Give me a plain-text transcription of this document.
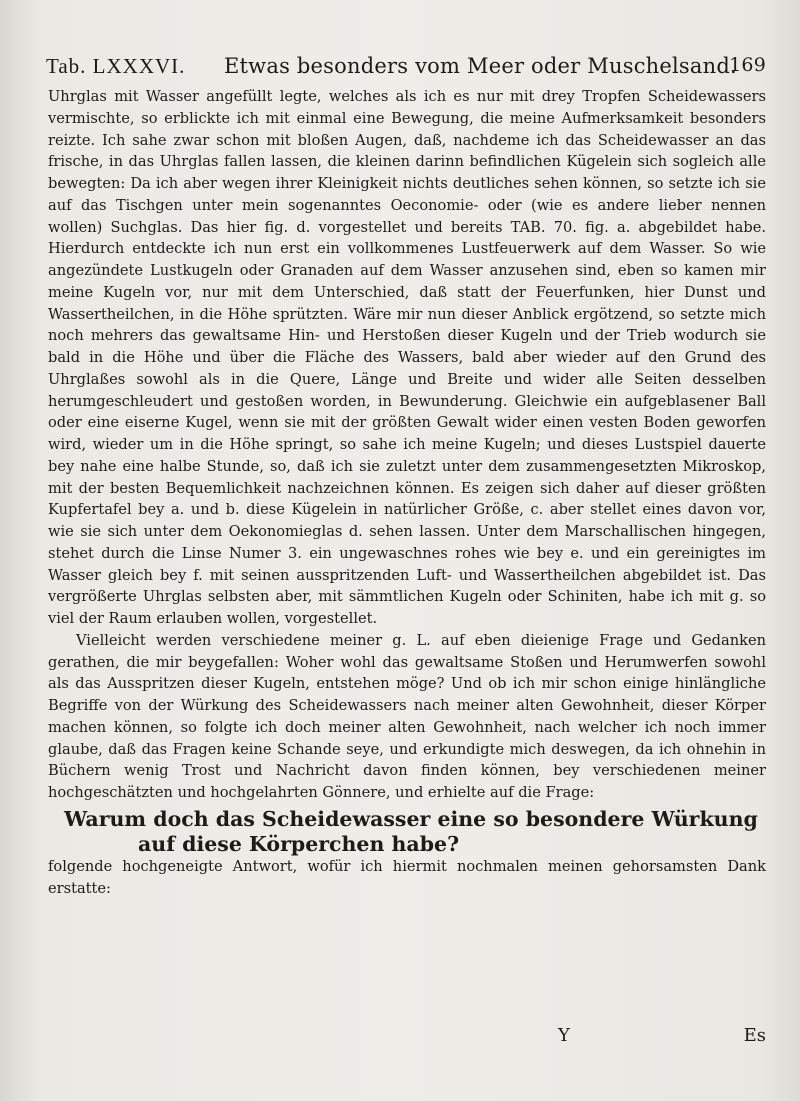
Tab. LXXXVI. Etwas besonders vom Meer oder Muschelsand.
169

Uhrglas mit Wasser angefüllt legte, welches als ich es nur mit drey Tropfen Scheidewassers vermischte, so erblickte ich mit einmal eine Bewegung, die meine Aufmerksamkeit besonders reizte. Ich sahe zwar schon mit bloßen Augen, daß, nachdeme ich das Scheidewasser an das frische, in das Uhrglas fallen lassen, die kleinen darinn befindlichen Kügelein sich sogleich alle bewegten: Da ich aber wegen ihrer Kleinigkeit nichts deutliches sehen können, so setzte ich sie auf das Tischgen unter mein sogenanntes Oeconomie- oder (wie es andere lieber nennen wollen) Suchglas. Das hier fig. d. vorgestellet und bereits TAB. 70. fig. a. abgebildet habe. Hierdurch entdeckte ich nun erst ein vollkommenes Lustfeuerwerk auf dem Wasser. So wie angezündete Lustkugeln oder Granaden auf dem Wasser anzusehen sind, eben so kamen mir meine Kugeln vor, nur mit dem Unterschied, daß statt der Feuerfunken, hier Dunst und Wassertheilchen, in die Höhe sprützten. Wäre mir nun dieser Anblick ergötzend, so setzte mich noch mehrers das gewaltsame Hin- und Herstoßen dieser Kugeln und der Trieb wodurch sie bald in die Höhe und über die Fläche des Wassers, bald aber wieder auf den Grund des Uhrglaßes sowohl als in die Quere, Länge und Breite und wider alle Seiten desselben herumgeschleudert und gestoßen worden, in Bewunderung. Gleichwie ein aufgeblasener Ball oder eine eiserne Kugel, wenn sie mit der größten Gewalt wider einen vesten Boden geworfen wird, wieder um in die Höhe springt, so sahe ich meine Kugeln; und dieses Lustspiel dauerte bey nahe eine halbe Stunde, so, daß ich sie zuletzt unter dem zusammengesetzten Mikroskop, mit der besten Bequemlichkeit nachzeichnen können. Es zeigen sich daher auf dieser größten Kupfertafel bey a. und b. diese Kügelein in natürlicher Größe, c. aber stellet eines davon vor, wie sie sich unter dem Oekonomieglas d. sehen lassen. Unter dem Marschallischen hingegen, stehet durch die Linse Numer 3. ein ungewaschnes rohes wie bey e. und ein gereinigtes im Wasser gleich bey f. mit seinen ausspritzenden Luft- und Wassertheilchen abgebildet ist. Das vergrößerte Uhrglas selbsten aber, mit sämmtlichen Kugeln oder Schiniten, habe ich mit g. so viel der Raum erlauben wollen, vorgestellet.

Vielleicht werden verschiedene meiner g. L. auf eben dieienige Frage und Gedanken gerathen, die mir beygefallen: Woher wohl das gewaltsame Stoßen und Herumwerfen sowohl als das Ausspritzen dieser Kugeln, entstehen möge? Und ob ich mir schon einige hinlängliche Begriffe von der Würkung des Scheidewassers nach meiner alten Gewohnheit, dieser Körper machen können, so folgte ich doch meiner alten Gewohnheit, nach welcher ich noch immer glaube, daß das Fragen keine Schande seye, und erkundigte mich deswegen, da ich ohnehin in Büchern wenig Trost und Nachricht davon finden können, bey verschiedenen meiner hochgeschätzten und hochgelahrten Gönnere, und erhielte auf die Frage:

Warum doch das Scheidewasser eine so besondere Würkung
auf diese Körperchen habe?

folgende hochgeneigte Antwort, wofür ich hiermit nochmalen meinen gehorsamsten Dank erstatte:

Y	Es
